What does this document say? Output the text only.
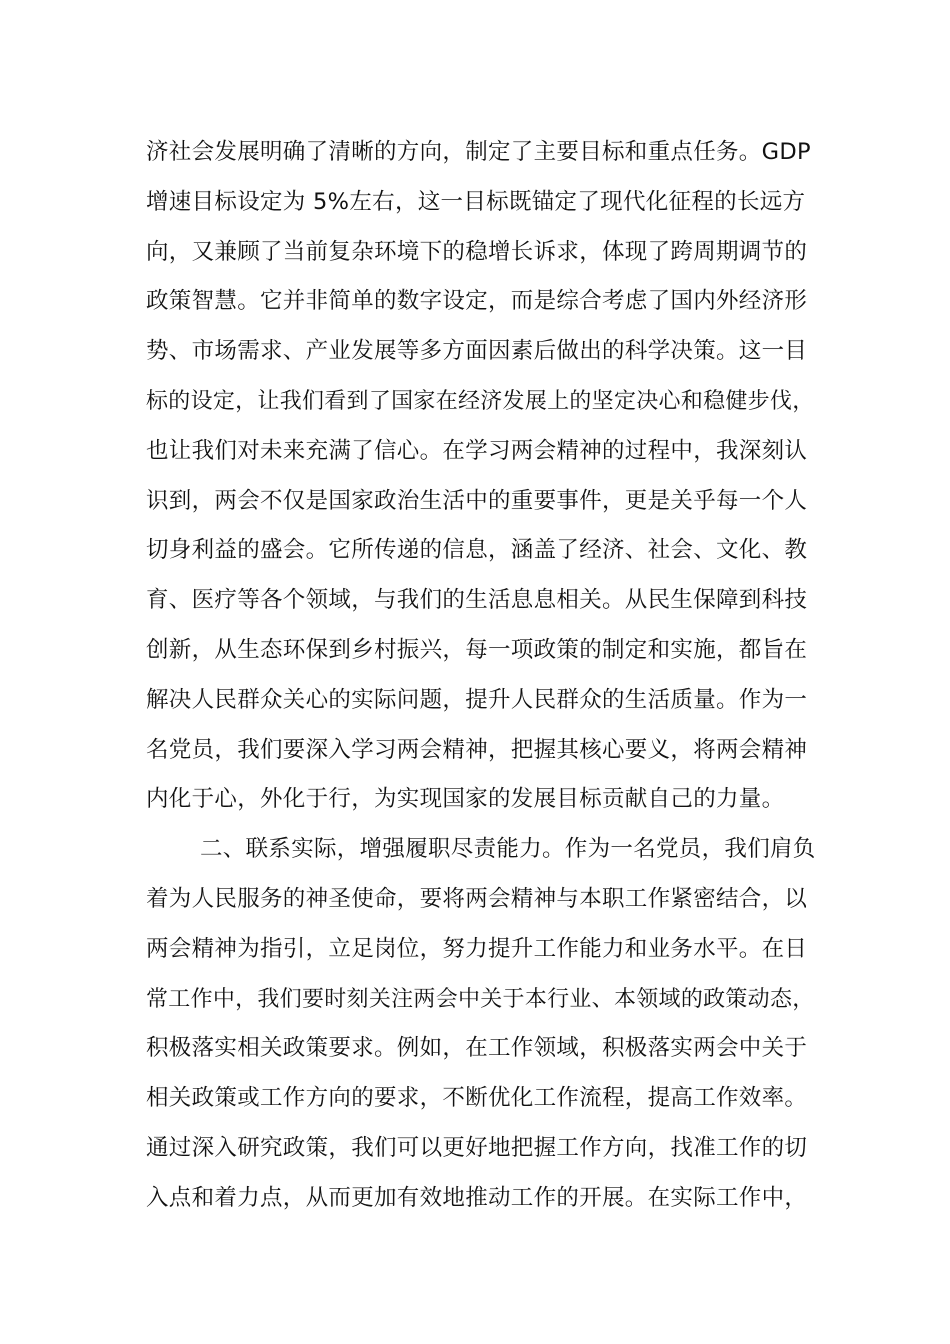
济社会发展明确了清晰的方向，制定了主要目标和重点任务。GDP
增速目标设定为 5%左右，这一目标既锚定了现代化征程的长远方
向，又兼顾了当前复杂环境下的稳增长诉求，体现了跨周期调节的
政策智慧。它并非简单的数字设定，而是综合考虑了国内外经济形
势、市场需求、产业发展等多方面因素后做出的科学决策。这一目
标的设定，让我们看到了国家在经济发展上的坚定决心和稳健步伐，
也让我们对未来充满了信心。在学习两会精神的过程中，我深刻认
识到，两会不仅是国家政治生活中的重要事件，更是关乎每一个人
切身利益的盛会。它所传递的信息，涵盖了经济、社会、文化、教
育、医疗等各个领域，与我们的生活息息相关。从民生保障到科技
创新，从生态环保到乡村振兴，每一项政策的制定和实施，都旨在
解决人民群众关心的实际问题，提升人民群众的生活质量。作为一
名党员，我们要深入学习两会精神，把握其核心要义，将两会精神
内化于心，外化于行，为实现国家的发展目标贡献自己的力量。
二、联系实际，增强履职尽责能力。作为一名党员，我们肩负
着为人民服务的神圣使命，要将两会精神与本职工作紧密结合，以
两会精神为指引，立足岗位，努力提升工作能力和业务水平。在日
常工作中，我们要时刻关注两会中关于本行业、本领域的政策动态，
积极落实相关政策要求。例如，在工作领域，积极落实两会中关于
相关政策或工作方向的要求，不断优化工作流程，提高工作效率。
通过深入研究政策，我们可以更好地把握工作方向，找准工作的切
入点和着力点，从而更加有效地推动工作的开展。在实际工作中，
